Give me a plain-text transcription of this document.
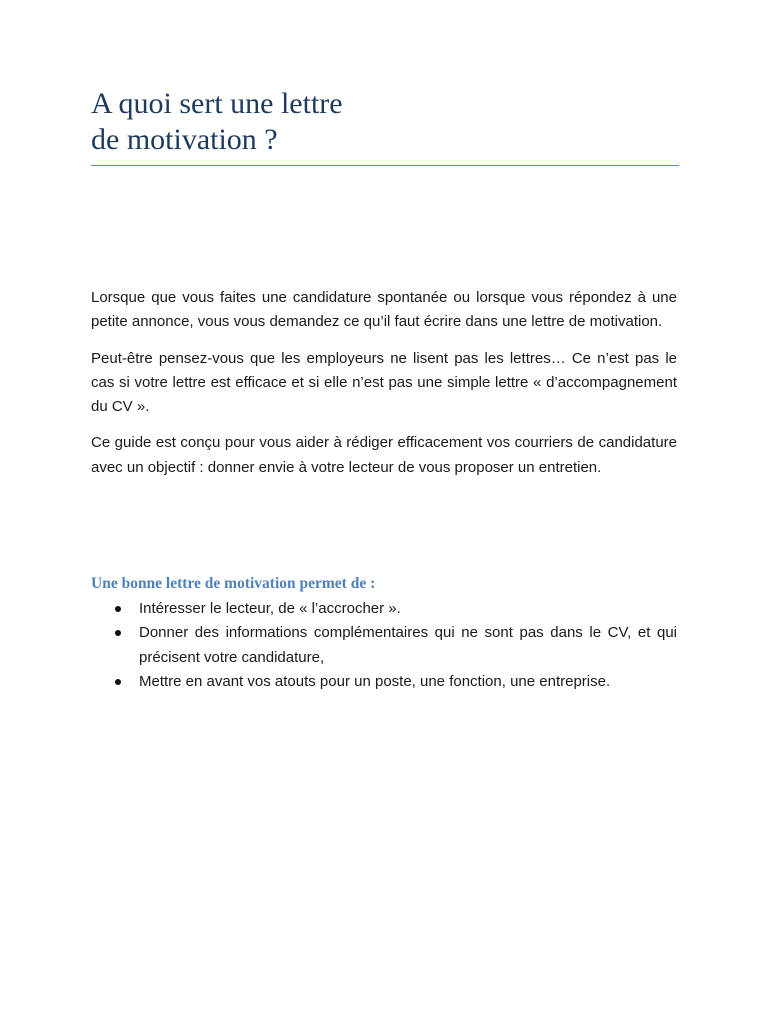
A quoi sert une lettre
de motivation ?

Lorsque que vous faites une candidature spontanée ou lorsque vous répondez à une petite annonce, vous vous demandez ce qu’il faut écrire dans une lettre de motivation.

Peut-être pensez-vous que les employeurs ne lisent pas les lettres… Ce n’est pas le cas si votre lettre est efficace et si elle n’est pas une simple lettre « d’accompagnement du CV ».

Ce guide est conçu pour vous aider à rédiger efficacement vos courriers de candidature avec un objectif : donner envie à votre lecteur de vous proposer un entretien.

Une bonne lettre de motivation permet de :
Intéresser le lecteur, de « l’accrocher ».
Donner des informations complémentaires qui ne sont pas dans le CV, et qui précisent votre candidature,
Mettre en avant vos atouts pour un poste, une fonction, une entreprise.
